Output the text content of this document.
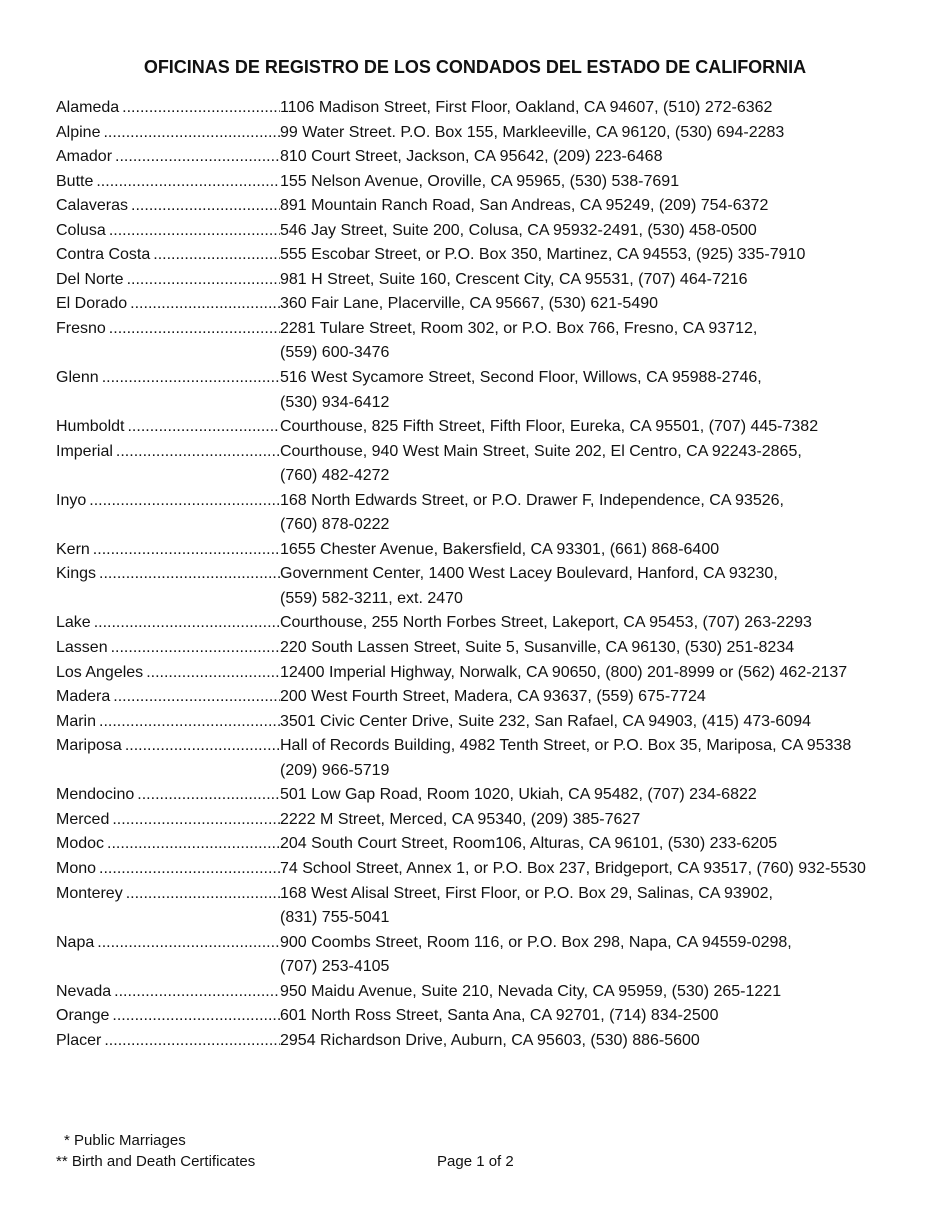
OFICINAS DE REGISTRO DE LOS CONDADOS DEL ESTADO DE CALIFORNIA
Alameda .....	1106 Madison Street, First Floor, Oakland, CA 94607, (510) 272-6362
Alpine .....	99 Water Street. P.O. Box 155, Markleeville, CA 96120, (530) 694-2283
Amador .....	810 Court Street, Jackson, CA 95642, (209) 223-6468
Butte .....	155 Nelson Avenue, Oroville, CA 95965, (530) 538-7691
Calaveras .....	891 Mountain Ranch Road, San Andreas, CA 95249, (209) 754-6372
Colusa .....	546 Jay Street, Suite 200, Colusa, CA 95932-2491, (530) 458-0500
Contra Costa .....	555 Escobar Street, or P.O. Box 350, Martinez, CA 94553, (925) 335-7910
Del Norte .....	981 H Street, Suite 160, Crescent City, CA 95531, (707) 464-7216
El Dorado .....	360 Fair Lane, Placerville, CA 95667, (530) 621-5490
Fresno .....	2281 Tulare Street, Room 302, or P.O. Box 766, Fresno, CA 93712,
(559) 600-3476
Glenn .....	516 West Sycamore Street, Second Floor, Willows, CA 95988-2746,
(530) 934-6412
Humboldt .....	Courthouse, 825 Fifth Street, Fifth Floor, Eureka, CA 95501, (707) 445-7382
Imperial .....	Courthouse, 940 West Main Street, Suite 202, El Centro, CA 92243-2865,
(760) 482-4272
Inyo .....	168 North Edwards Street, or P.O. Drawer F, Independence, CA 93526,
(760) 878-0222
Kern .....	1655 Chester Avenue, Bakersfield, CA 93301, (661) 868-6400
Kings .....	Government Center, 1400 West Lacey Boulevard, Hanford, CA 93230,
(559) 582-3211, ext. 2470
Lake .....	Courthouse, 255 North Forbes Street, Lakeport, CA 95453, (707) 263-2293
Lassen .....	220 South Lassen Street, Suite 5, Susanville, CA 96130, (530) 251-8234
Los Angeles .....	12400 Imperial Highway, Norwalk, CA 90650, (800) 201-8999 or (562) 462-2137
Madera .....	200 West Fourth Street, Madera, CA 93637, (559) 675-7724
Marin .....	3501 Civic Center Drive, Suite 232, San Rafael, CA 94903, (415) 473-6094
Mariposa .....	Hall of Records Building, 4982 Tenth Street, or P.O. Box 35, Mariposa, CA 95338
(209) 966-5719
Mendocino .....	501 Low Gap Road, Room 1020, Ukiah, CA 95482, (707) 234-6822
Merced .....	2222 M Street, Merced, CA 95340, (209) 385-7627
Modoc .....	204 South Court Street, Room106, Alturas, CA 96101, (530) 233-6205
Mono .....	74 School Street, Annex 1, or P.O. Box 237, Bridgeport, CA 93517, (760) 932-5530
Monterey .....	168 West Alisal Street, First Floor, or P.O. Box 29, Salinas, CA 93902,
(831) 755-5041
Napa .....	900 Coombs Street, Room 116, or P.O. Box 298, Napa, CA 94559-0298,
(707) 253-4105
Nevada .....	950 Maidu Avenue, Suite 210, Nevada City, CA 95959, (530) 265-1221
Orange .....	601 North Ross Street, Santa Ana, CA 92701, (714) 834-2500
Placer .....	2954 Richardson Drive, Auburn, CA 95603, (530) 886-5600
* Public Marriages
** Birth and Death Certificates	Page 1 of 2
